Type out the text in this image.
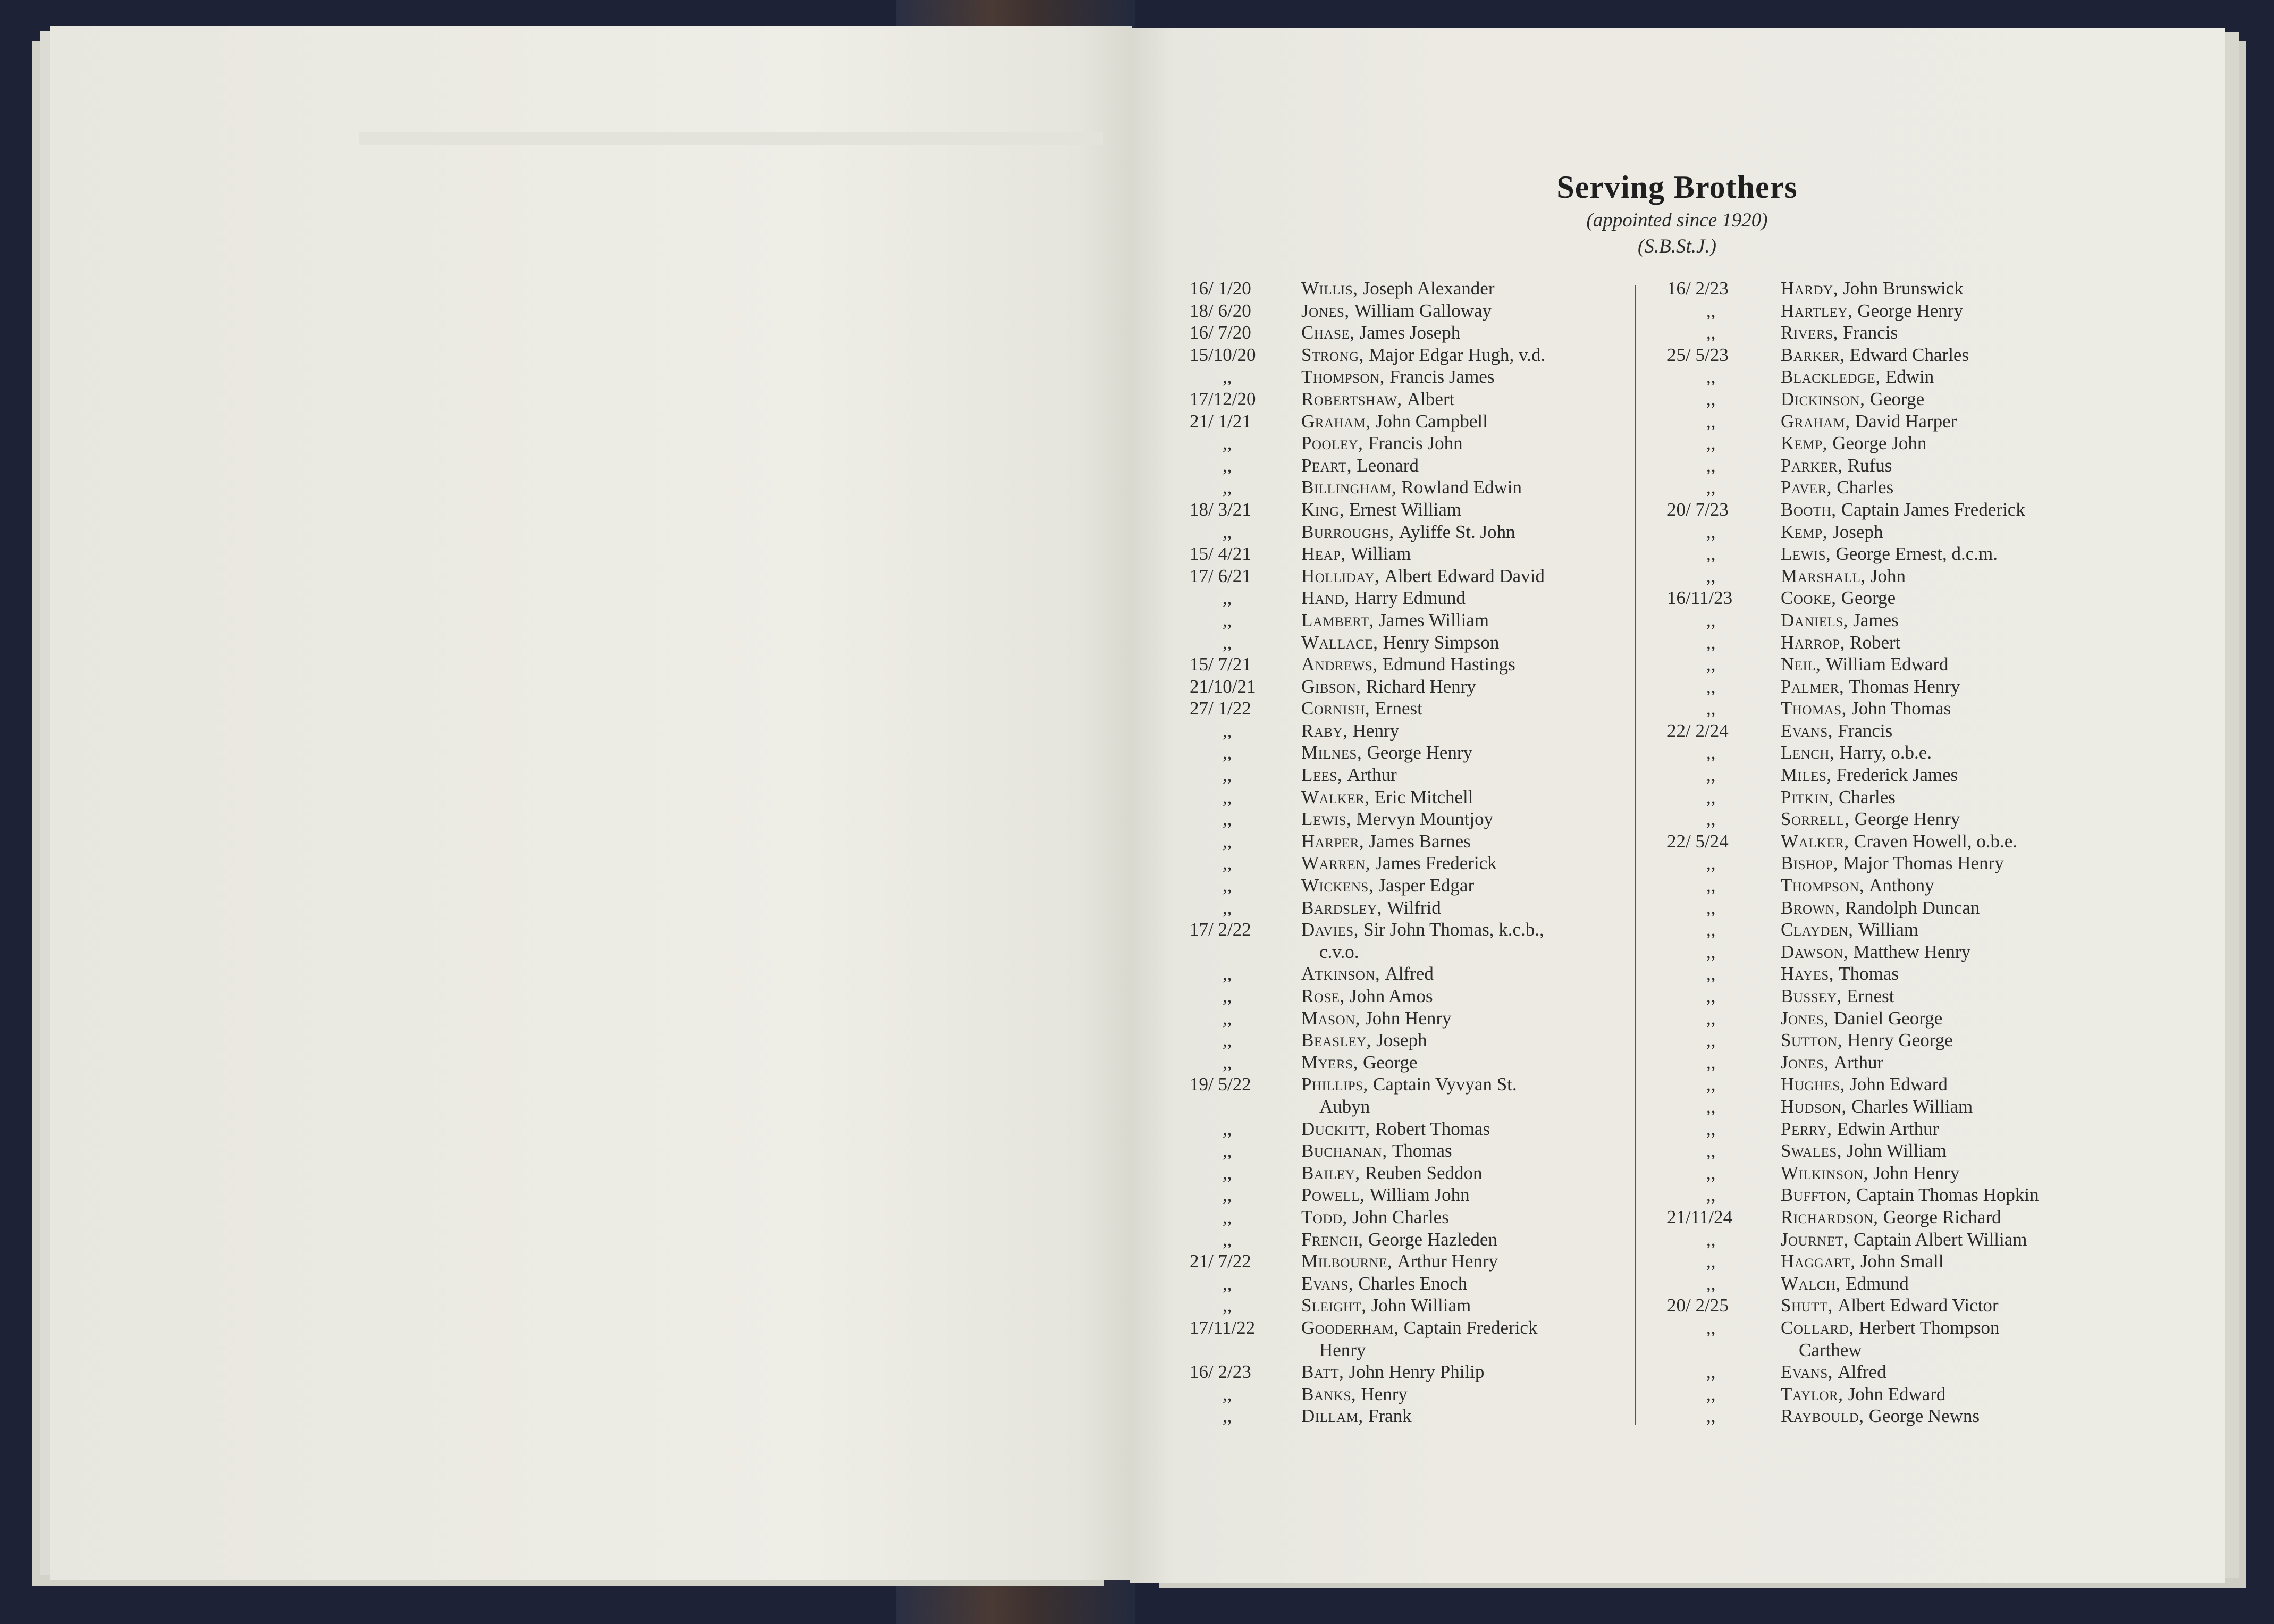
Serving Brothers
(appointed since 1920)
(S.B.St.J.)
16/ 1/20	Willis, Joseph Alexander
18/ 6/20	Jones, William Galloway
16/ 7/20	Chase, James Joseph
15/10/20	Strong, Major Edgar Hugh, v.d.
,,	Thompson, Francis James
17/12/20	Robertshaw, Albert
21/ 1/21	Graham, John Campbell
,,	Pooley, Francis John
,,	Peart, Leonard
,,	Billingham, Rowland Edwin
18/ 3/21	King, Ernest William
,,	Burroughs, Ayliffe St. John
15/ 4/21	Heap, William
17/ 6/21	Holliday, Albert Edward David
,,	Hand, Harry Edmund
,,	Lambert, James William
,,	Wallace, Henry Simpson
15/ 7/21	Andrews, Edmund Hastings
21/10/21	Gibson, Richard Henry
27/ 1/22	Cornish, Ernest
,,	Raby, Henry
,,	Milnes, George Henry
,,	Lees, Arthur
,,	Walker, Eric Mitchell
,,	Lewis, Mervyn Mountjoy
,,	Harper, James Barnes
,,	Warren, James Frederick
,,	Wickens, Jasper Edgar
,,	Bardsley, Wilfrid
17/ 2/22	Davies, Sir John Thomas, k.c.b.,
c.v.o.
,,	Atkinson, Alfred
,,	Rose, John Amos
,,	Mason, John Henry
,,	Beasley, Joseph
,,	Myers, George
19/ 5/22	Phillips, Captain Vyvyan St.
Aubyn
,,	Duckitt, Robert Thomas
,,	Buchanan, Thomas
,,	Bailey, Reuben Seddon
,,	Powell, William John
,,	Todd, John Charles
,,	French, George Hazleden
21/ 7/22	Milbourne, Arthur Henry
,,	Evans, Charles Enoch
,,	Sleight, John William
17/11/22	Gooderham, Captain Frederick
Henry
16/ 2/23	Batt, John Henry Philip
,,	Banks, Henry
,,	Dillam, Frank
16/ 2/23	Hardy, John Brunswick
,,	Hartley, George Henry
,,	Rivers, Francis
25/ 5/23	Barker, Edward Charles
,,	Blackledge, Edwin
,,	Dickinson, George
,,	Graham, David Harper
,,	Kemp, George John
,,	Parker, Rufus
,,	Paver, Charles
20/ 7/23	Booth, Captain James Frederick
,,	Kemp, Joseph
,,	Lewis, George Ernest, d.c.m.
,,	Marshall, John
16/11/23	Cooke, George
,,	Daniels, James
,,	Harrop, Robert
,,	Neil, William Edward
,,	Palmer, Thomas Henry
,,	Thomas, John Thomas
22/ 2/24	Evans, Francis
,,	Lench, Harry, o.b.e.
,,	Miles, Frederick James
,,	Pitkin, Charles
,,	Sorrell, George Henry
22/ 5/24	Walker, Craven Howell, o.b.e.
,,	Bishop, Major Thomas Henry
,,	Thompson, Anthony
,,	Brown, Randolph Duncan
,,	Clayden, William
,,	Dawson, Matthew Henry
,,	Hayes, Thomas
,,	Bussey, Ernest
,,	Jones, Daniel George
,,	Sutton, Henry George
,,	Jones, Arthur
,,	Hughes, John Edward
,,	Hudson, Charles William
,,	Perry, Edwin Arthur
,,	Swales, John William
,,	Wilkinson, John Henry
,,	Buffton, Captain Thomas Hopkin
21/11/24	Richardson, George Richard
,,	Journet, Captain Albert William
,,	Haggart, John Small
,,	Walch, Edmund
20/ 2/25	Shutt, Albert Edward Victor
,,	Collard, Herbert Thompson
Carthew
,,	Evans, Alfred
,,	Taylor, John Edward
,,	Raybould, George Newns
